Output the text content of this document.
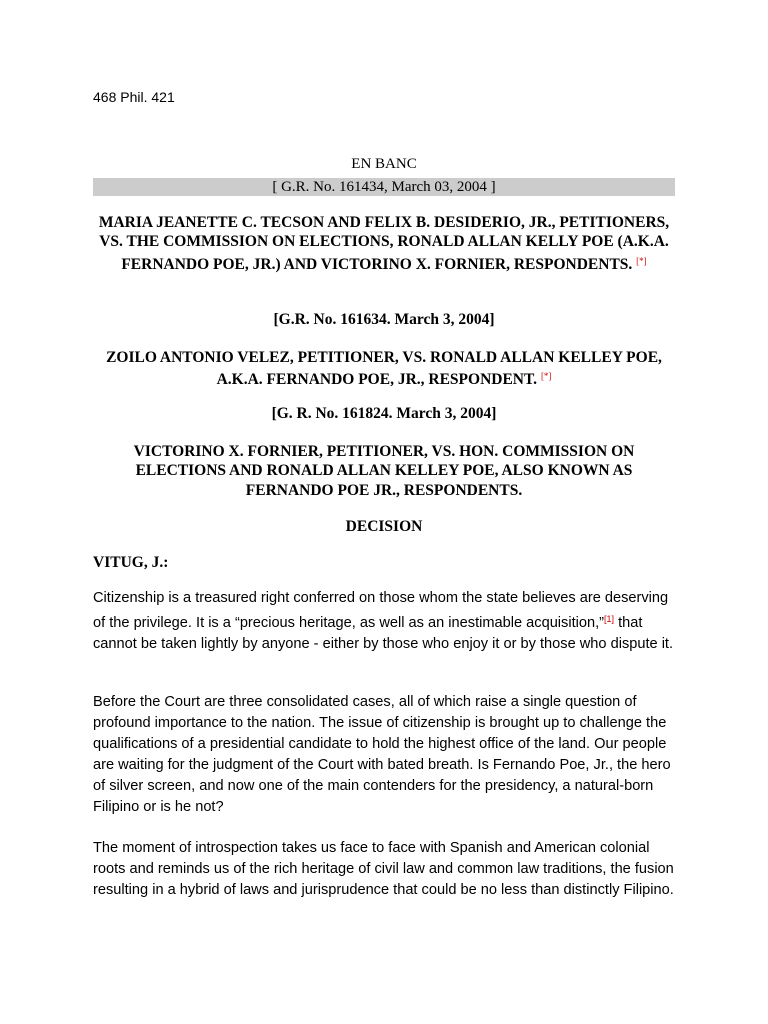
468 Phil. 421
EN BANC
[ G.R. No. 161434, March 03, 2004 ]
MARIA JEANETTE C. TECSON AND FELIX B. DESIDERIO, JR., PETITIONERS, VS. THE COMMISSION ON ELECTIONS, RONALD ALLAN KELLY POE (A.K.A. FERNANDO POE, JR.) AND VICTORINO X. FORNIER, RESPONDENTS. [*]
[G.R. No. 161634. March 3, 2004]
ZOILO ANTONIO VELEZ, PETITIONER, VS. RONALD ALLAN KELLEY POE, A.K.A. FERNANDO POE, JR., RESPONDENT. [*]
[G. R. No. 161824. March 3, 2004]
VICTORINO X. FORNIER, PETITIONER, VS. HON. COMMISSION ON ELECTIONS AND RONALD ALLAN KELLEY POE, ALSO KNOWN AS FERNANDO POE JR., RESPONDENTS.
DECISION
VITUG, J.:
Citizenship is a treasured right conferred on those whom the state believes are deserving of the privilege. It is a “precious heritage, as well as an inestimable acquisition,”[1] that cannot be taken lightly by anyone - either by those who enjoy it or by those who dispute it.
Before the Court are three consolidated cases, all of which raise a single question of profound importance to the nation. The issue of citizenship is brought up to challenge the qualifications of a presidential candidate to hold the highest office of the land. Our people are waiting for the judgment of the Court with bated breath. Is Fernando Poe, Jr., the hero of silver screen, and now one of the main contenders for the presidency, a natural-born Filipino or is he not?
The moment of introspection takes us face to face with Spanish and American colonial roots and reminds us of the rich heritage of civil law and common law traditions, the fusion resulting in a hybrid of laws and jurisprudence that could be no less than distinctly Filipino.
